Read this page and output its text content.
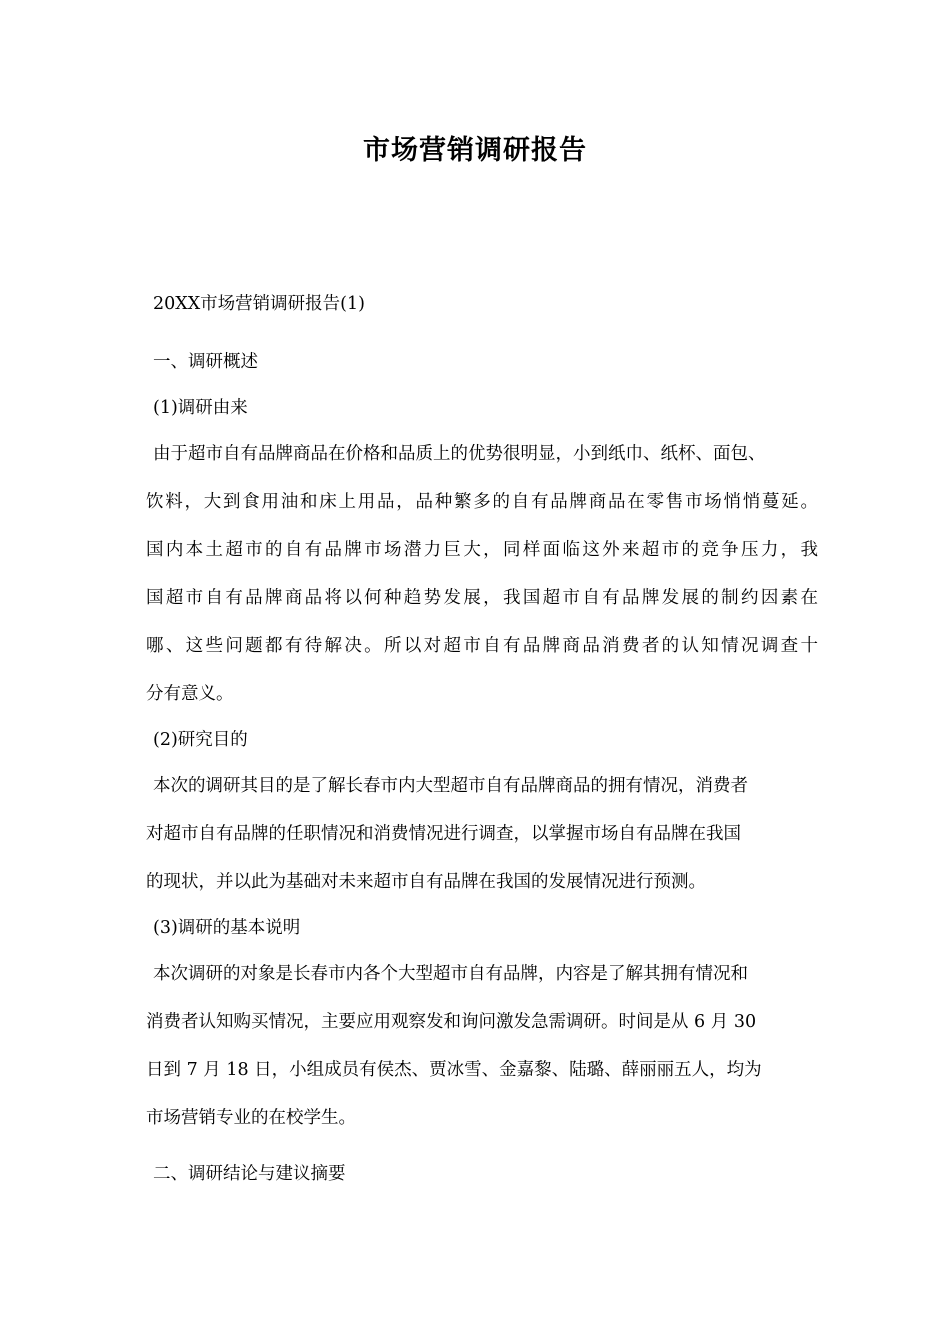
市场营销调研报告
20XX市场营销调研报告(1)
一、调研概述
(1)调研由来
由于超市自有品牌商品在价格和品质上的优势很明显，小到纸巾、纸杯、面包、
饮料，大到食用油和床上用品，品种繁多的自有品牌商品在零售市场悄悄蔓延。
国内本土超市的自有品牌市场潜力巨大，同样面临这外来超市的竞争压力，我
国超市自有品牌商品将以何种趋势发展，我国超市自有品牌发展的制约因素在
哪、这些问题都有待解决。所以对超市自有品牌商品消费者的认知情况调查十
分有意义。
(2)研究目的
本次的调研其目的是了解长春市内大型超市自有品牌商品的拥有情况，消费者
对超市自有品牌的任职情况和消费情况进行调查，以掌握市场自有品牌在我国
的现状，并以此为基础对未来超市自有品牌在我国的发展情况进行预测。
(3)调研的基本说明
本次调研的对象是长春市内各个大型超市自有品牌，内容是了解其拥有情况和
消费者认知购买情况，主要应用观察发和询问激发急需调研。时间是从 6 月 30
日到 7 月 18 日，小组成员有侯杰、贾冰雪、金嘉黎、陆璐、薛丽丽五人，均为
市场营销专业的在校学生。
二、调研结论与建议摘要
